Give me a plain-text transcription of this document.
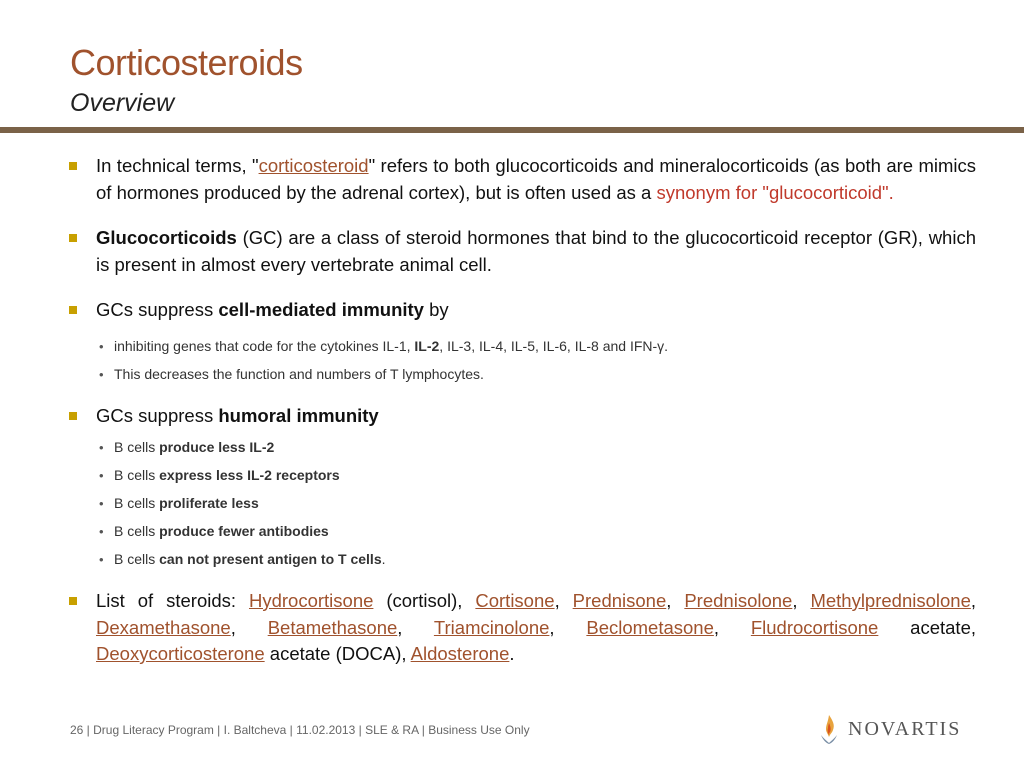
Corticosteroids
Overview
In technical terms, "corticosteroid" refers to both glucocorticoids and mineralocorticoids (as both are mimics of hormones produced by the adrenal cortex), but is often used as a synonym for "glucocorticoid".
Glucocorticoids (GC) are a class of steroid hormones that bind to the glucocorticoid receptor (GR), which is present in almost every vertebrate animal cell.
GCs suppress cell-mediated immunity by
• inhibiting genes that code for the cytokines IL-1, IL-2, IL-3, IL-4, IL-5, IL-6, IL-8 and IFN-γ.
• This decreases the function and numbers of T lymphocytes.
GCs suppress humoral immunity
• B cells produce less IL-2
• B cells express less IL-2 receptors
• B cells proliferate less
• B cells produce fewer antibodies
• B cells can not present antigen to T cells.
List of steroids: Hydrocortisone (cortisol), Cortisone, Prednisone, Prednisolone, Methylprednisolone, Dexamethasone, Betamethasone, Triamcinolone, Beclometasone, Fludrocortisone acetate, Deoxycorticosterone acetate (DOCA), Aldosterone.
26 | Drug Literacy Program | I. Baltcheva | 11.02.2013 | SLE & RA | Business Use Only	NOVARTIS
